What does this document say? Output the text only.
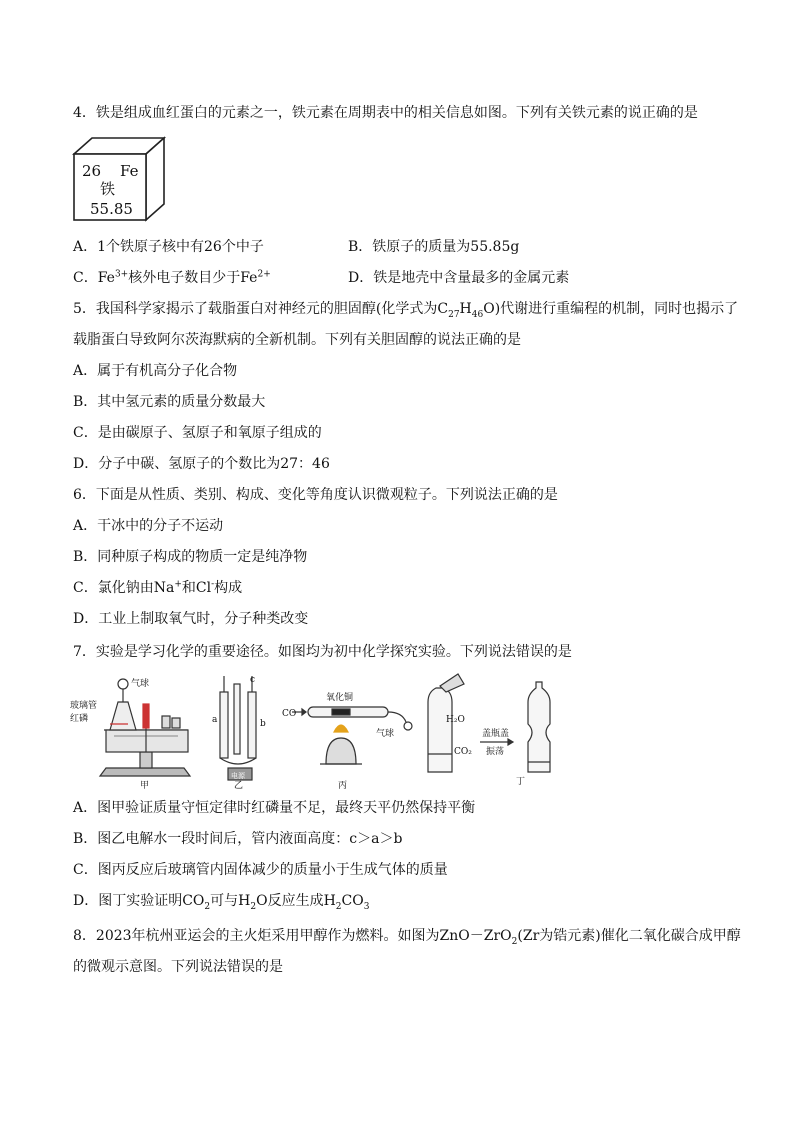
4．铁是组成血红蛋白的元素之一，铁元素在周期表中的相关信息如图。下列有关铁元素的说正确的是
26 Fe
铁
55.85
A．1个铁原子核中有26个中子	B．铁原子的质量为55.85g
C．$Fe^{3+}$核外电子数目少于$Fe^{2+}$	D．铁是地壳中含量最多的金属元素
5．我国科学家揭示了载脂蛋白对神经元的胆固醇(化学式为$C_{27}H_{46}O$)代谢进行重编程的机制，同时也揭示了
载脂蛋白导致阿尔茨海默病的全新机制。下列有关胆固醇的说法正确的是
A．属于有机高分子化合物
B．其中氢元素的质量分数最大
C．是由碳原子、氢原子和氧原子组成的
D．分子中碳、氢原子的个数比为27：46
6．下面是从性质、类别、构成、变化等角度认识微观粒子。下列说法正确的是
A．干冰中的分子不运动
B．同种原子构成的物质一定是纯净物
C．氯化钠由Na+和Cl-构成
D．工业上制取氧气时，分子种类改变
7．实验是学习化学的重要途径。如图均为初中化学探究实验。下列说法错误的是
玻璃管
红磷
气球
甲
a	b
c
电源
乙
氧化铜
CO
气球
丙
H₂O
CO₂
盖瓶盖
振荡
丁
A．图甲验证质量守恒定律时红磷量不足，最终天平仍然保持平衡
B．图乙电解水一段时间后，管内液面高度：c＞a＞b
C．图丙反应后玻璃管内固体减少的质量小于生成气体的质量
D．图丁实验证明$CO_2$可与$H_2O$反应生成$H_2CO_3$
8．2023年杭州亚运会的主火炬采用甲醇作为燃料。如图为ZnO－ZrO$_2$(Zr为锆元素)催化二氧化碳合成甲醇
的微观示意图。下列说法错误的是
